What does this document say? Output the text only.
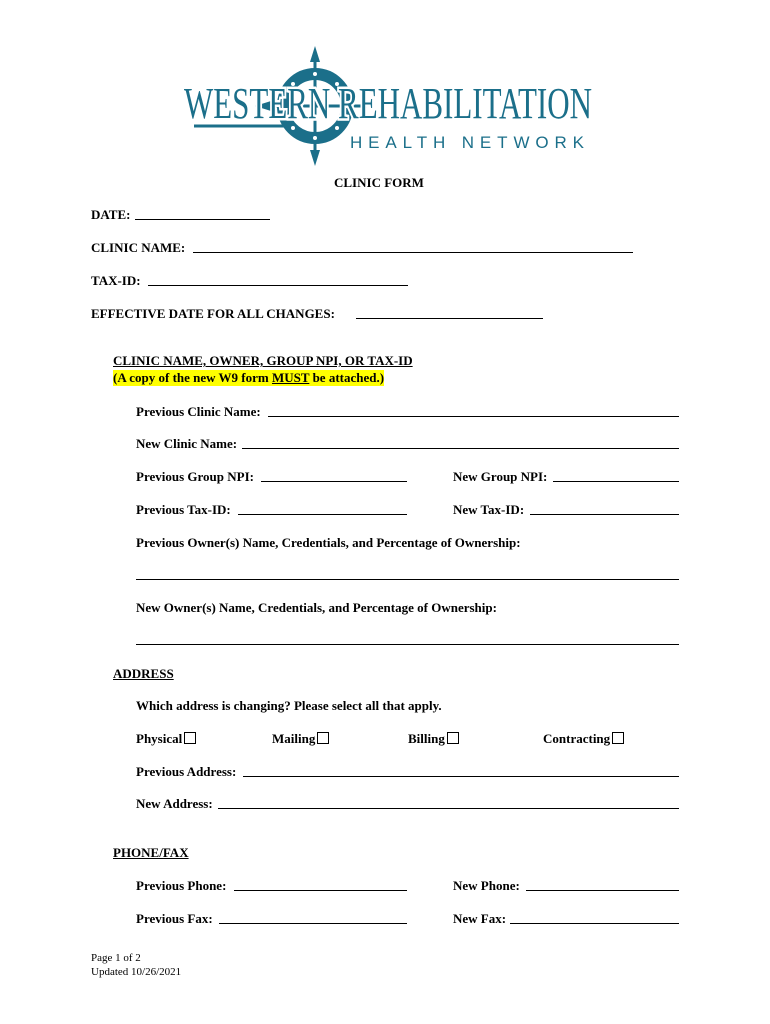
WESTERN REHABILITATION
HEALTH NETWORK
CLINIC FORM
DATE:
CLINIC NAME:
TAX-ID:
EFFECTIVE DATE FOR ALL CHANGES:
CLINIC NAME, OWNER, GROUP NPI, OR TAX-ID
(A copy of the new W9 form MUST be attached.)
Previous Clinic Name:
New Clinic Name:
Previous Group NPI:	New Group NPI:
Previous Tax-ID:	New Tax-ID:
Previous Owner(s) Name, Credentials, and Percentage of Ownership:
New Owner(s) Name, Credentials, and Percentage of Ownership:
ADDRESS
Which address is changing? Please select all that apply.
Physical	Mailing	Billing	Contracting
Previous Address:
New Address:
PHONE/FAX
Previous Phone:	New Phone:
Previous Fax:	New Fax:
Page 1 of 2
Updated 10/26/2021
